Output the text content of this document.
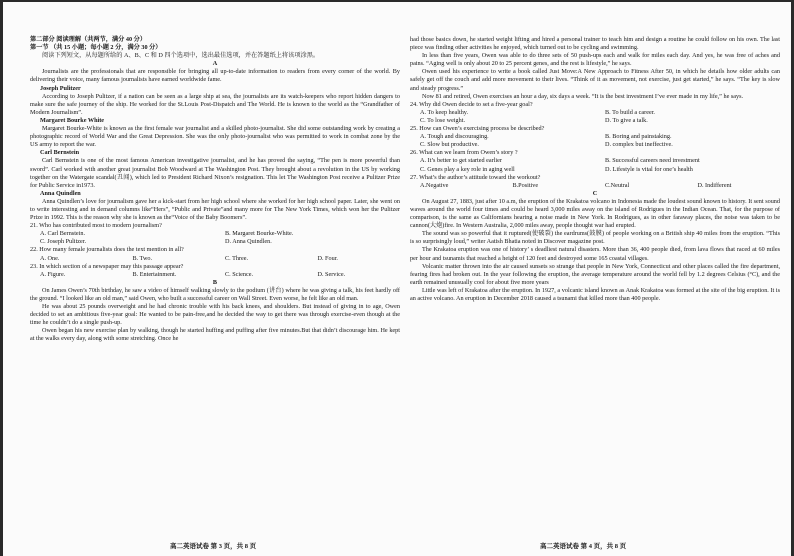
第二部分 阅读理解（共两节，满分 40 分）

第一节 （共 15 小题；每小题 2 分，满分 30 分）

阅读下列短文，从每题所给的 A、B、C 和 D 四个选项中，选出最佳选项，并在答题纸上将该项涂黑。

A

Journalists are the professionals that are responsible for bringing all up-to-date information to readers from every corner of the world. By delivering their voice, many famous journalists have earned worldwide fame.

Joseph Pulitzer

According to Joseph Pulitzer, if a nation can be seen as a large ship at sea, the journalists are its watch-keepers who report hidden dangers to make sure the safe journey of the ship. He worked for the St.Louis Post-Dispatch and The World. He is known to the world as the “Grandfather of Modern Journalism”.

Margaret Bourke White

Margaret Bourke-White is known as the first female war journalist and a skilled photo-journalist. She did some outstanding work by creating a photographic record of World War and the Great Depression. She was the only photo-journalist who was permitted to work in combat zone by the US army to report the war.

Carl Bernstein

Carl Bernstein is one of the most famous American investigative journalist, and he has proved the saying, “The pen is more powerful than sword”. Carl worked with another great journalist Bob Woodward at The Washington Post. They brought about a revolution in the US by working together on the Watergate scandal(丑闻), which led to President Richard Nixon’s resignation. This let The Washington Post receive a Pulitzer Prize for Public Service in1973.

Anna Quindlen

Anna Quindlen’s love for journalism gave her a kick-start from her high school where she worked for her high school paper. Later, she went on to write interesting and in demand columns like“Hers”, “Public and Private”and many more for The New York Times, which won her the Pulitzer Prize in 1992. This is the reason why she is known as the“Voice of the Baby Boomers”.

21. Who has contributed most to modern journalism?

A. Carl Bernstein.	B. Margaret Bourke-White.
C. Joseph Pulitzer.	D. Anna Quindlen.

22. How many female journalists does the text mention in all?

A. One.	B. Two.	C. Three.	D. Four.

23. In which section of a newspaper may this passage appear?

A. Figure.	B. Entertainment.	C. Science.	D. Service.

B

On James Owen’s 70th birthday, he saw a video of himself walking slowly to the podium (讲台) where he was giving a talk, his feet hardly off the ground. “I looked like an old man,” said Owen, who built a successful career on Wall Street. Even worse, he felt like an old man.

He was about 25 pounds overweight and he had chronic trouble with his back knees, and shoulders. But instead of giving in to age, Owen decided to set an ambitious five-year goal: He wanted to be pain-free,and he decided the way to get there was through exercise-even though at the time he couldn’t do a single push-up.

Owen began his new exercise plan by walking, though he started huffing and puffing after five minutes.But that didn’t discourage him. He kept at the walks every day, along with some stretching. Once he

had those basics down, he started weight lifting and hired a personal trainer to teach him and design a routine he could follow on his own. The last piece was finding other activities he enjoyed, which turned out to be cycling and swimming.

In less than five years, Owen was able to do three sets of 50 push-ups each and walk for miles each day. And yes, he was free of aches and pains. “Aging well is only about 20 to 25 percent genes, and the rest is lifestyle,” he says.

Owen used his experience to write a book called Just Move:A New Approach to Fitness After 50, in which he details how older adults can safely get off the couch and add more movement to their lives. “Think of it as movement, not exercise, just get started,” he says. “The key is slow and steady progress.”

Now 81 and retired, Owen exercises an hour a day, six days a week. “It is the best investment I’ve ever made in my life,” he says.

24. Why did Owen decide to set a five-year goal?

A. To keep healthy.	B. To build a career.
C. To lose weight.	D. To give a talk.

25. How can Owen’s exercising process be described?

A. Tough and discouraging.	B. Boring and painstaking.
C. Slow but productive.	D. complex but ineffective.

26. What can we learn from Owen’s story ?

A. It’s better to get started earlier	B. Successful careers need investment
C. Genes play a key role in aging well	D. Lifestyle is vital for one’s health

27. What’s the author’s attitude toward the workout?

A.Negative	B.Positive	C.Neutral	D. Indifferent

C

On August 27, 1883, just after 10 a.m, the eruption of the Krakatoa volcano in Indonesia made the loudest sound known to history. It sent sound waves around the world four times and could be heard 3,000 miles away on the island of Rodrigues in the Indian Ocean. That, for the purpose of comparison, is the same as Californians hearing a noise made in New York. In Rodrigues, as in other faraway places, the noise was taken to be cannon(大炮)fire. In Western Australia, 2,000 miles away, people thought war had erupted.

The sound was so powerful that it ruptured(使破裂) the eardrums(鼓膜) of people working on a British ship 40 miles from the eruption. “This is so surprisingly loud,” writer Aatish Bhatia noted in Discover magazine post.

The Krakatoa eruption was one of history’ s deadliest natural disasters. More than 36, 400 people died, from lava flows that raced at 60 miles per hour and tsunamis that reached a height of 120 feet and destroyed some 165 coastal villages.

Volcanic matter thrown into the air caused sunsets so strange that people in New York, Connecticut and other places called the fire department, fearing fires had broken out. In the year following the eruption, the average temperature around the world fell by 1.2 degrees Celsius (°C), and the earth remained unusually cool for about five more years

Little was left of Krakatoa after the eruption. In 1927, a volcanic island known as Anak Krakatoa was formed at the site of the big eruption. It is an active volcano. An eruption in December 2018 caused a tsunami that killed more than 400 people.

高二英语试卷 第 3 页，共 8 页	高二英语试卷 第 4 页，共 8 页
